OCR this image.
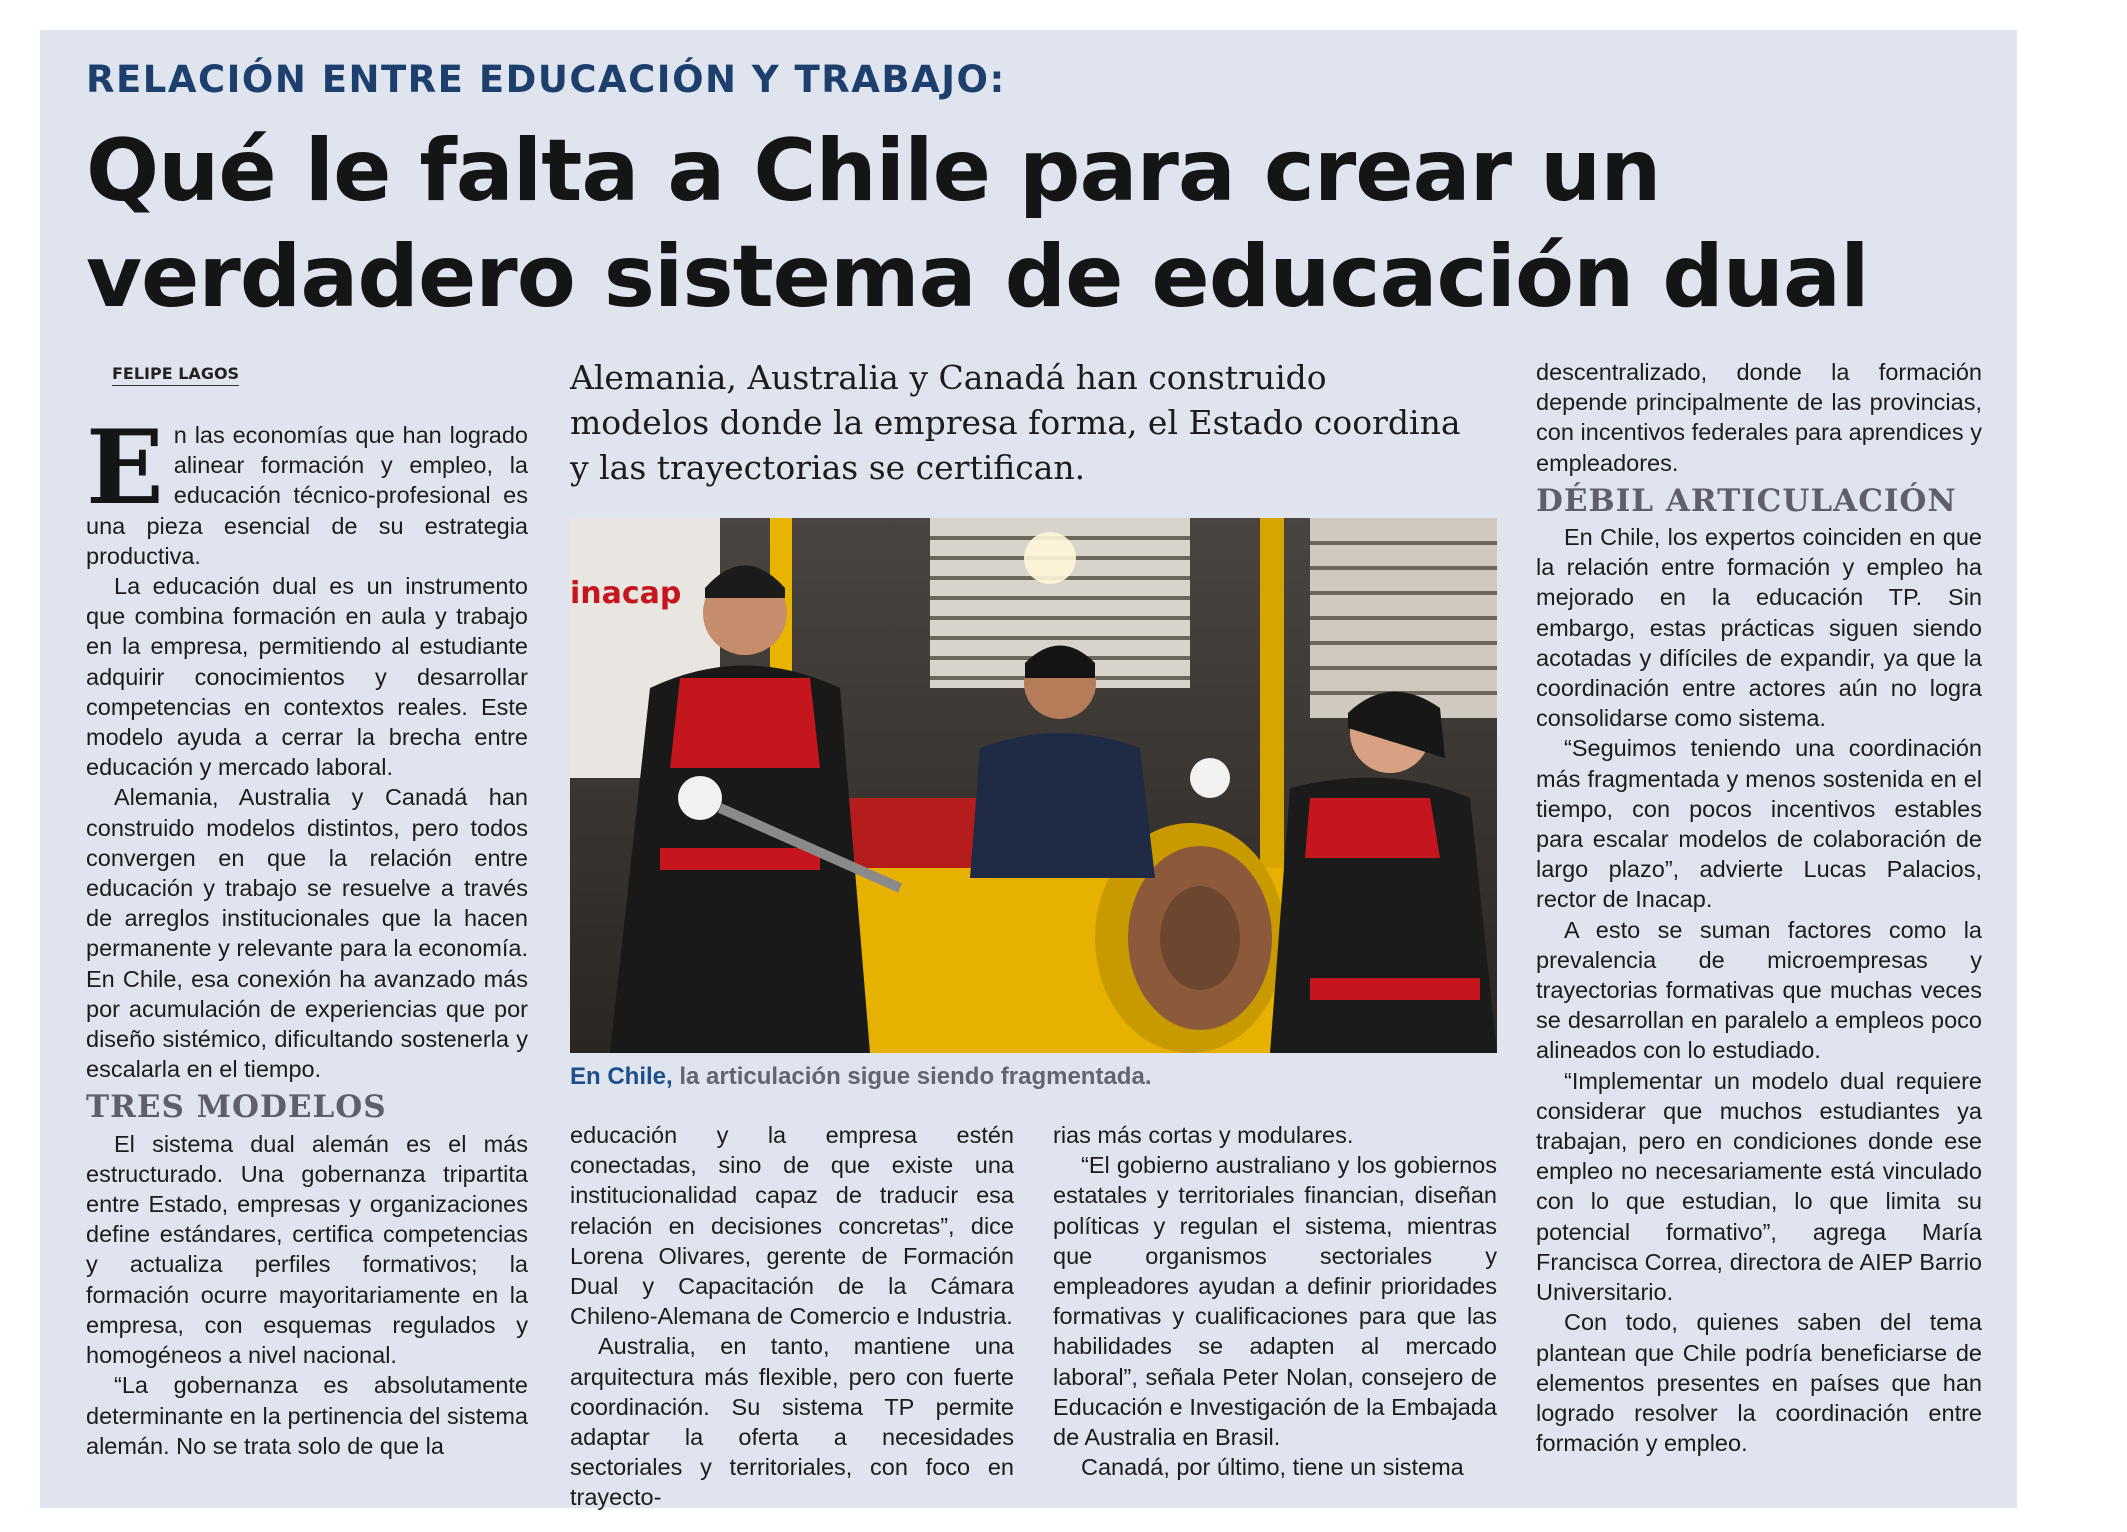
RELACIÓN ENTRE EDUCACIÓN Y TRABAJO:
Qué le falta a Chile para crear un verdadero sistema de educación dual
FELIPE LAGOS

En las economías que han logrado alinear formación y empleo, la educación técnico-profesional es una pieza esencial de su estrategia productiva.

La educación dual es un instrumento que combina formación en aula y trabajo en la empresa, permitiendo al estudiante adquirir conocimientos y desarrollar competencias en contextos reales. Este modelo ayuda a cerrar la brecha entre educación y mercado laboral.

Alemania, Australia y Canadá han construido modelos distintos, pero todos convergen en que la relación entre educación y trabajo se resuelve a través de arreglos institucionales que la hacen permanente y relevante para la economía. En Chile, esa conexión ha avanzado más por acumulación de experiencias que por diseño sistémico, dificultando sostenerla y escalarla en el tiempo.

TRES MODELOS

El sistema dual alemán es el más estructurado. Una gobernanza tripartita entre Estado, empresas y organizaciones define estándares, certifica competencias y actualiza perfiles formativos; la formación ocurre mayoritariamente en la empresa, con esquemas regulados y homogéneos a nivel nacional.

“La gobernanza es absolutamente determinante en la pertinencia del sistema alemán. No se trata solo de que la

Alemania, Australia y Canadá han construido modelos donde la empresa forma, el Estado coordina y las trayectorias se certifican.
inacap
En Chile, la articulación sigue siendo fragmentada.

educación y la empresa estén conectadas, sino de que existe una institucionalidad capaz de traducir esa relación en decisiones concretas”, dice Lorena Olivares, gerente de Formación Dual y Capacitación de la Cámara Chileno-Alemana de Comercio e Industria.

Australia, en tanto, mantiene una arquitectura más flexible, pero con fuerte coordinación. Su sistema TP permite adaptar la oferta a necesidades sectoriales y territoriales, con foco en trayecto-

rias más cortas y modulares.

“El gobierno australiano y los gobiernos estatales y territoriales financian, diseñan políticas y regulan el sistema, mientras que organismos sectoriales y empleadores ayudan a definir prioridades formativas y cualificaciones para que las habilidades se adapten al mercado laboral”, señala Peter Nolan, consejero de Educación e Investigación de la Embajada de Australia en Brasil.

Canadá, por último, tiene un sistema

descentralizado, donde la formación depende principalmente de las provincias, con incentivos federales para aprendices y empleadores.

DÉBIL ARTICULACIÓN

En Chile, los expertos coinciden en que la relación entre formación y empleo ha mejorado en la educación TP. Sin embargo, estas prácticas siguen siendo acotadas y difíciles de expandir, ya que la coordinación entre actores aún no logra consolidarse como sistema.

“Seguimos teniendo una coordinación más fragmentada y menos sostenida en el tiempo, con pocos incentivos estables para escalar modelos de colaboración de largo plazo”, advierte Lucas Palacios, rector de Inacap.

A esto se suman factores como la prevalencia de microempresas y trayectorias formativas que muchas veces se desarrollan en paralelo a empleos poco alineados con lo estudiado.

“Implementar un modelo dual requiere considerar que muchos estudiantes ya trabajan, pero en condiciones donde ese empleo no necesariamente está vinculado con lo que estudian, lo que limita su potencial formativo”, agrega María Francisca Correa, directora de AIEP Barrio Universitario.

Con todo, quienes saben del tema plantean que Chile podría beneficiarse de elementos presentes en países que han logrado resolver la coordinación entre formación y empleo.
